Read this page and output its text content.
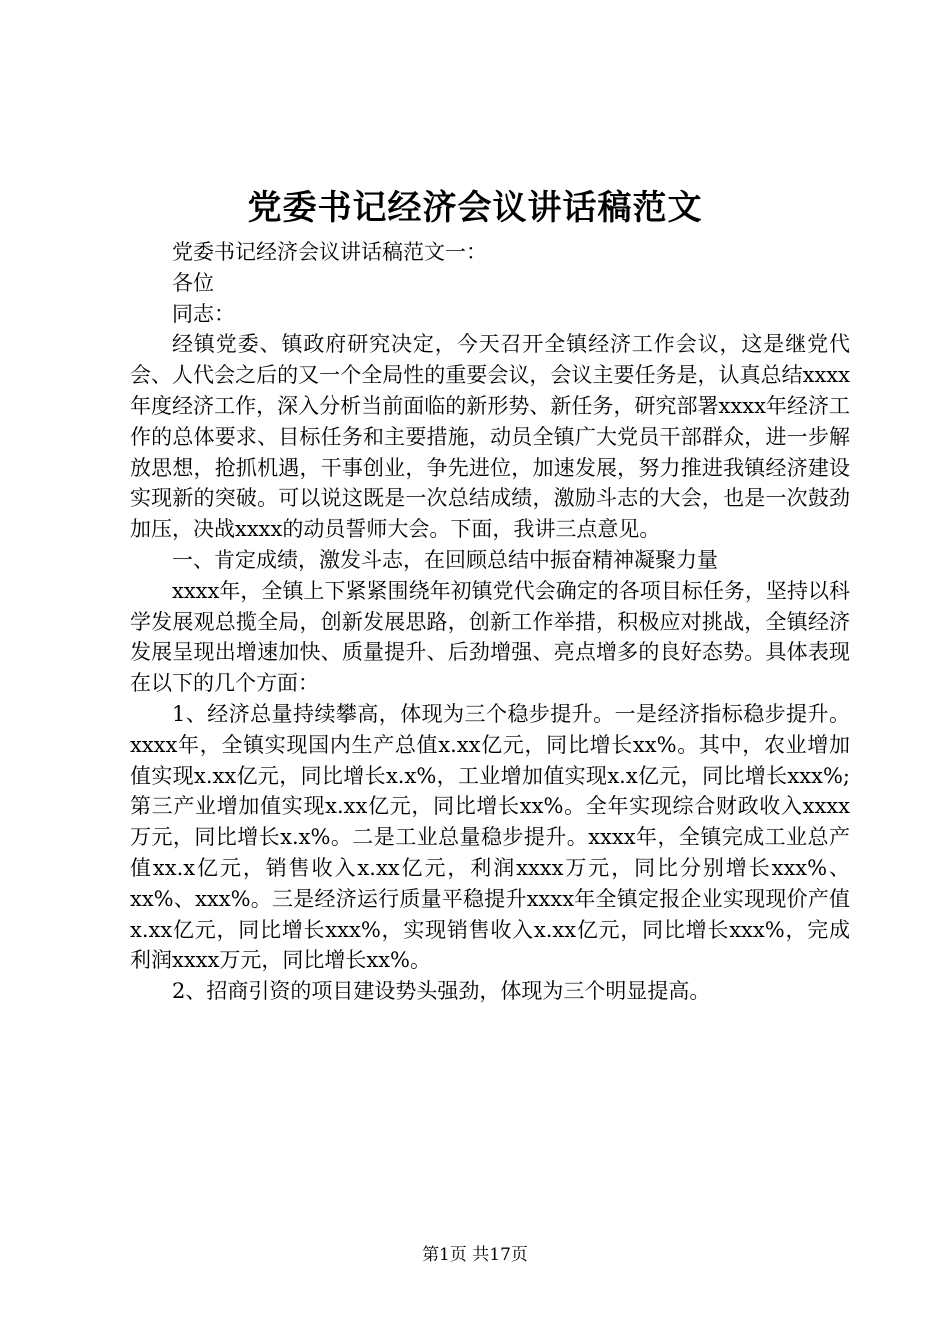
党委书记经济会议讲话稿范文

党委书记经济会议讲话稿范文一：

各位

同志：

经镇党委、镇政府研究决定，今天召开全镇经济工作会议，这是继党代会、人代会之后的又一个全局性的重要会议，会议主要任务是，认真总结xxxx年度经济工作，深入分析当前面临的新形势、新任务，研究部署xxxx年经济工作的总体要求、目标任务和主要措施，动员全镇广大党员干部群众，进一步解放思想，抢抓机遇，干事创业，争先进位，加速发展，努力推进我镇经济建设实现新的突破。可以说这既是一次总结成绩，激励斗志的大会，也是一次鼓劲加压，决战xxxx的动员誓师大会。下面，我讲三点意见。

一、肯定成绩，激发斗志，在回顾总结中振奋精神凝聚力量

xxxx年，全镇上下紧紧围绕年初镇党代会确定的各项目标任务，坚持以科学发展观总揽全局，创新发展思路，创新工作举措，积极应对挑战，全镇经济发展呈现出增速加快、质量提升、后劲增强、亮点增多的良好态势。具体表现在以下的几个方面：

1、经济总量持续攀高，体现为三个稳步提升。一是经济指标稳步提升。xxxx年，全镇实现国内生产总值x.xx亿元，同比增长xx%。其中，农业增加值实现x.xx亿元，同比增长x.x%，工业增加值实现x.x亿元，同比增长xxx%;第三产业增加值实现x.xx亿元，同比增长xx%。全年实现综合财政收入xxxx万元，同比增长x.x%。二是工业总量稳步提升。xxxx年，全镇完成工业总产值xx.x亿元，销售收入x.xx亿元，利润xxxx万元，同比分别增长xxx%、xx%、xxx%。三是经济运行质量平稳提升xxxx年全镇定报企业实现现价产值x.xx亿元，同比增长xxx%，实现销售收入x.xx亿元，同比增长xxx%，完成利润xxxx万元，同比增长xx%。

2、招商引资的项目建设势头强劲，体现为三个明显提高。

第1页 共17页
